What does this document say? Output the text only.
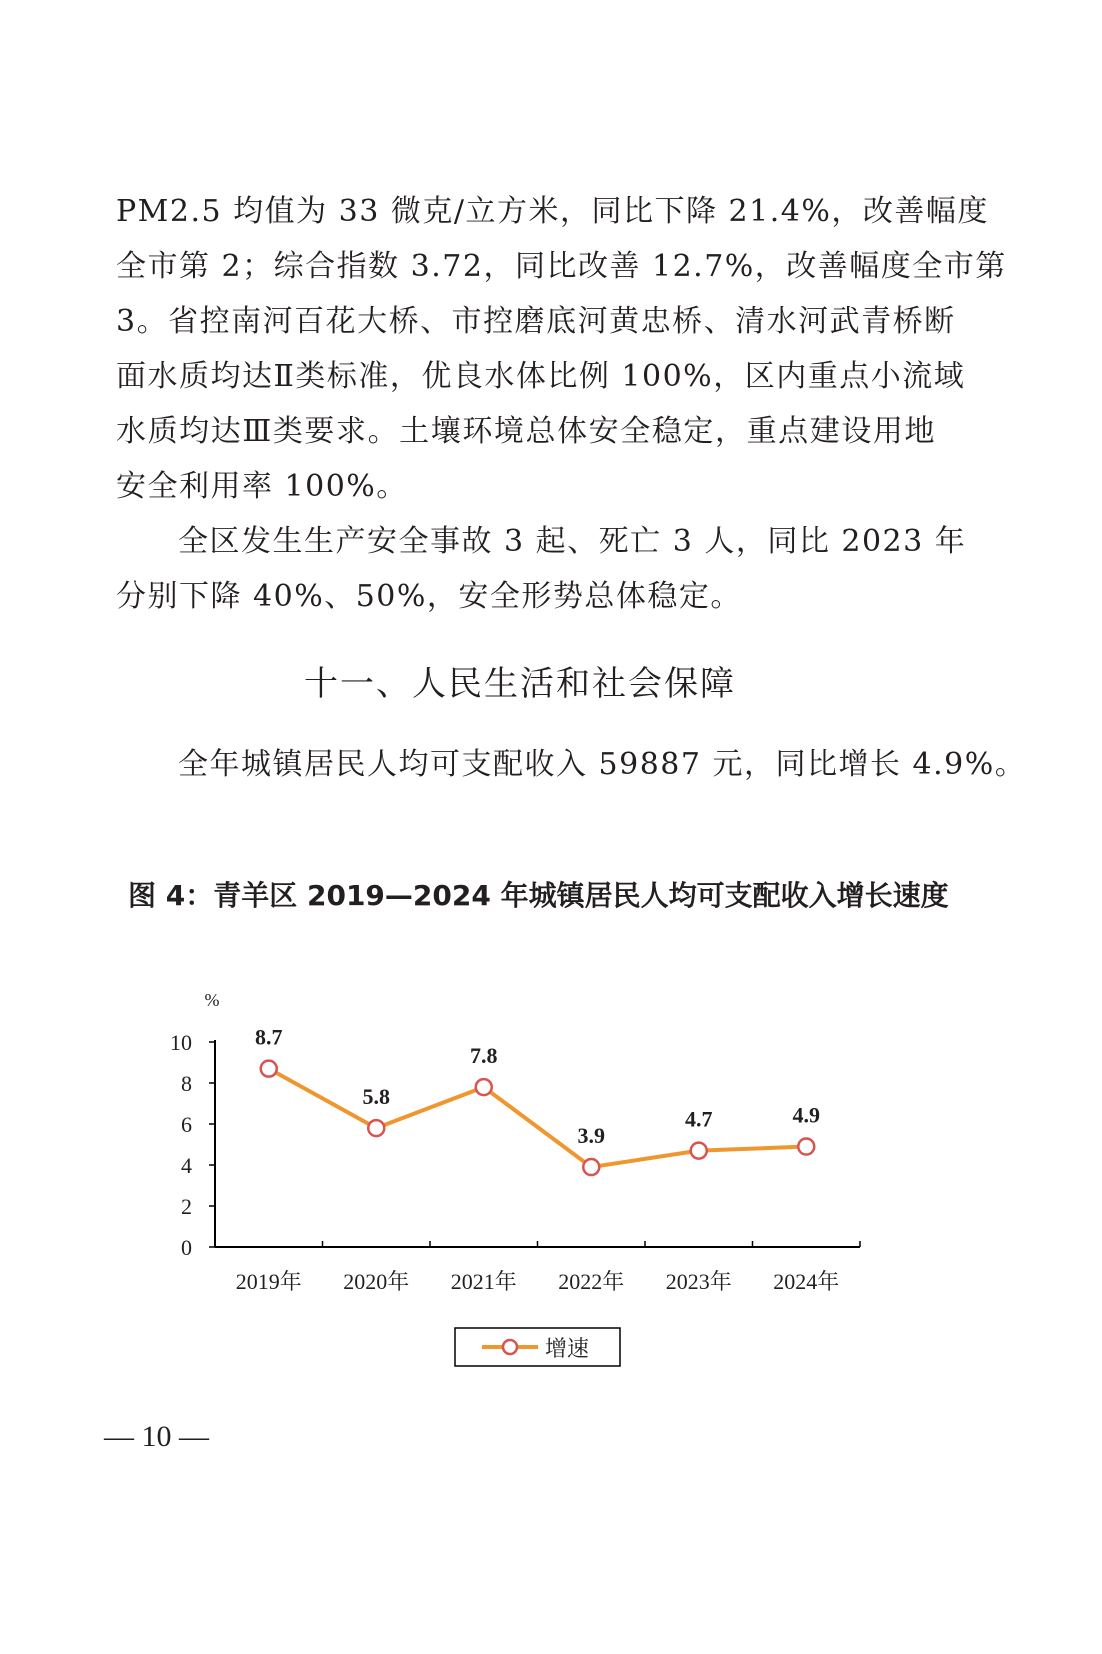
PM2.5 均值为 33 微克/立方米，同比下降 21.4%，改善幅度
全市第 2；综合指数 3.72，同比改善 12.7%，改善幅度全市第
3。省控南河百花大桥、市控磨底河黄忠桥、清水河武青桥断
面水质均达Ⅱ类标准，优良水体比例 100%，区内重点小流域
水质均达Ⅲ类要求。土壤环境总体安全稳定，重点建设用地
安全利用率 100%。
全区发生生产安全事故 3 起、死亡 3 人，同比 2023 年
分别下降 40%、50%，安全形势总体稳定。
十一、人民生活和社会保障
全年城镇居民人均可支配收入 59887 元，同比增长 4.9%。
图 4：青羊区 2019—2024 年城镇居民人均可支配收入增长速度
%
0
2
4
6
8
10
2019年 2020年 2021年 2022年 2023年 2024年
8.7
5.8
7.8
3.9
4.7	4.9
增速
— 10 —
